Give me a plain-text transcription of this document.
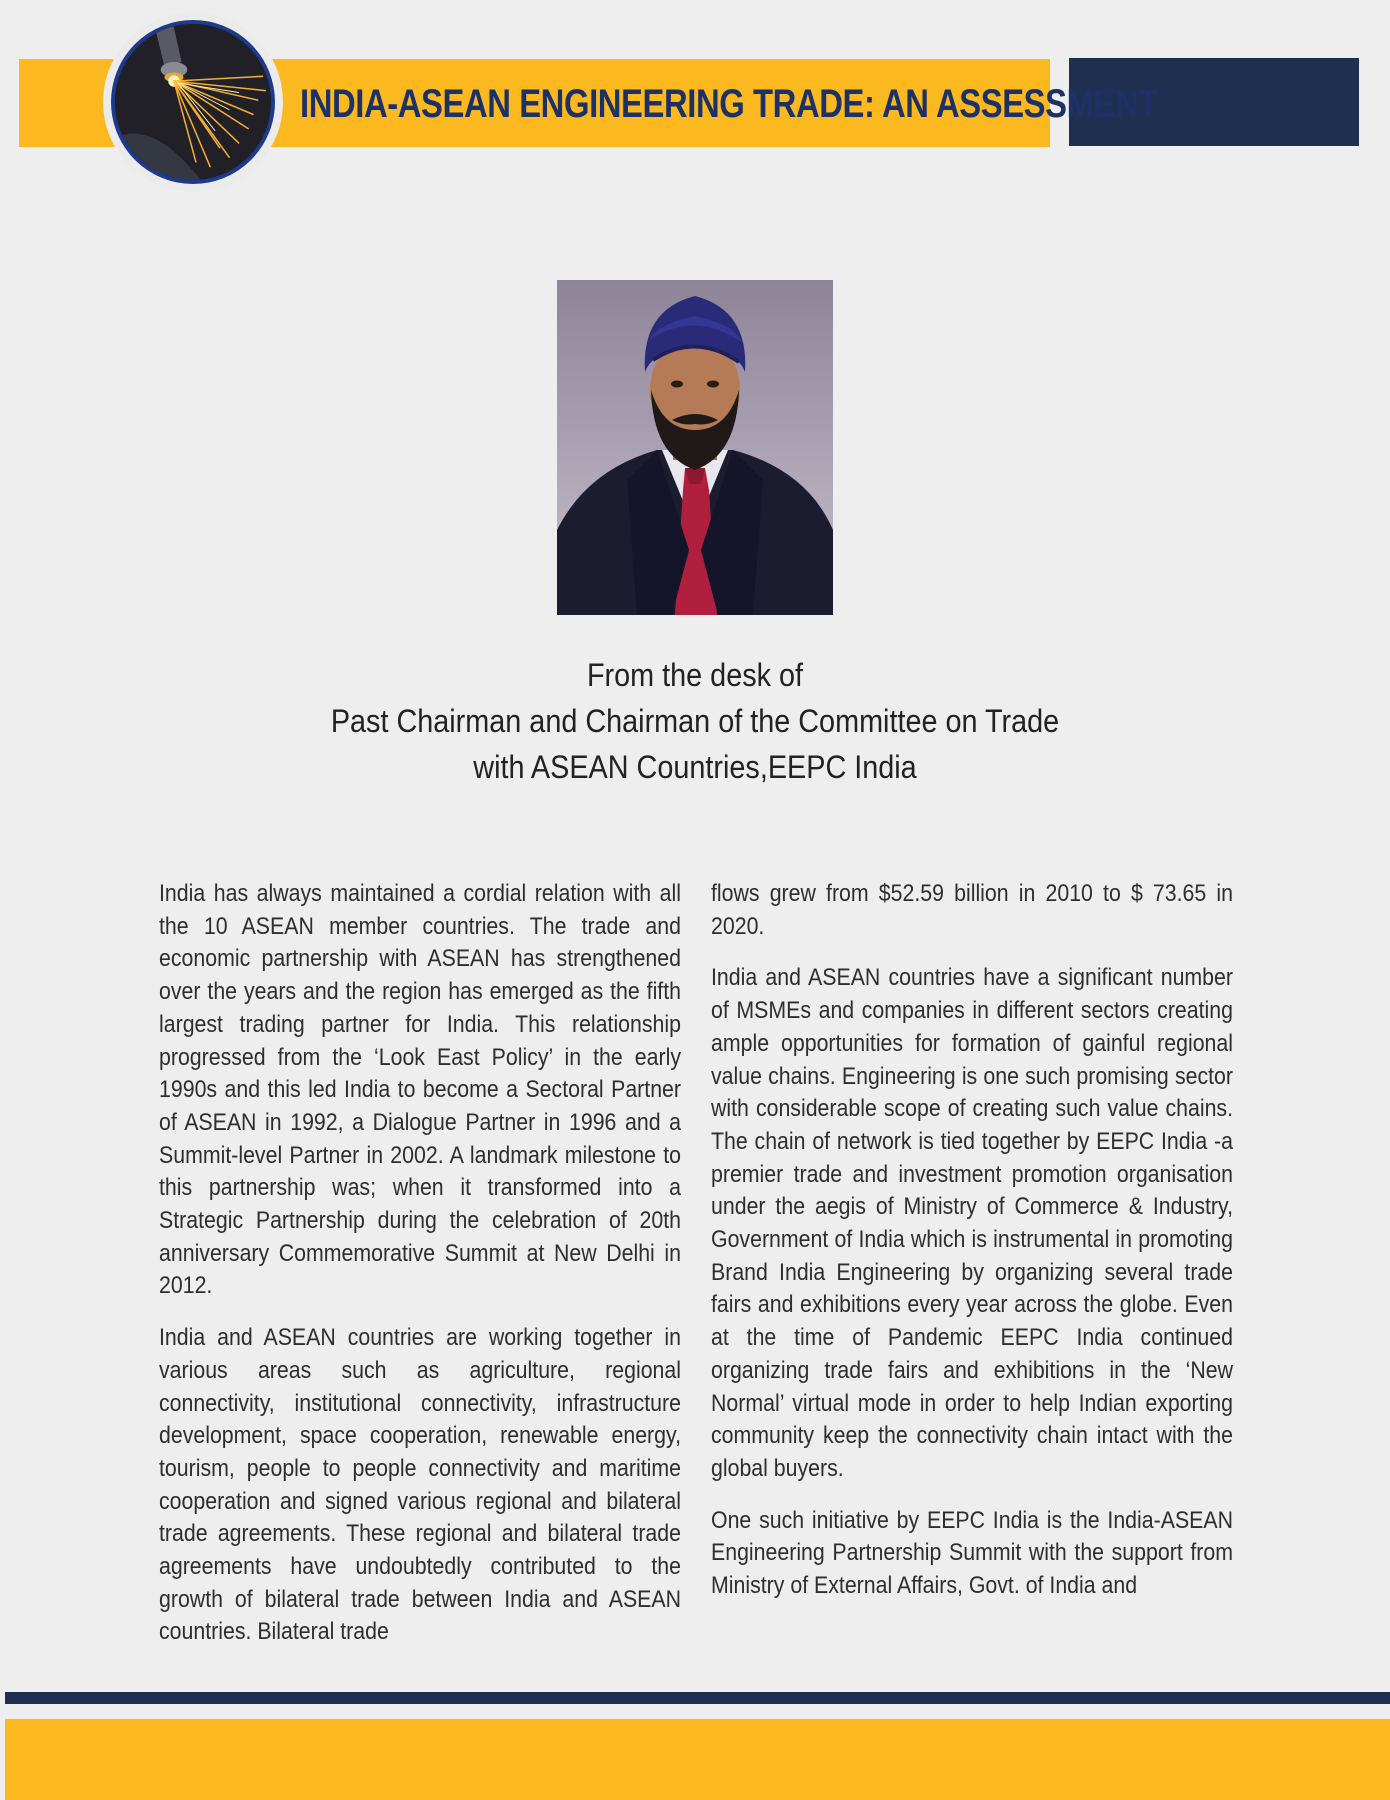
INDIA-ASEAN ENGINEERING TRADE: AN ASSESSMENT
From the desk of
Past Chairman and Chairman of the Committee on Trade
with ASEAN Countries,EEPC India

India has always maintained a cordial relation with all the 10 ASEAN member countries. The trade and economic partnership with ASEAN has strengthened over the years and the region has emerged as the fifth largest trading partner for India. This relationship progressed from the ‘Look East Policy’ in the early 1990s and this led India to become a Sectoral Partner of ASEAN in 1992, a Dialogue Partner in 1996 and a Summit-level Partner in 2002. A landmark milestone to this partnership was; when it transformed into a Strategic Partnership during the celebration of 20th anniversary Commemorative Summit at New Delhi in 2012.

India and ASEAN countries are working together in various areas such as agriculture, regional connectivity, institutional connectivity, infrastructure development, space cooperation, renewable energy, tourism, people to people connectivity and maritime cooperation and signed various regional and bilateral trade agreements. These regional and bilateral trade agreements have undoubtedly contributed to the growth of bilateral trade between India and ASEAN countries. Bilateral trade

flows grew from $52.59 billion in 2010 to $ 73.65 in 2020.

India and ASEAN countries have a significant number of MSMEs and companies in different sectors creating ample opportunities for formation of gainful regional value chains. Engineering is one such promising sector with considerable scope of creating such value chains. The chain of network is tied together by EEPC India -a premier trade and investment promotion organisation under the aegis of Ministry of Commerce & Industry, Government of India which is instrumental in promoting Brand India Engineering by organizing several trade fairs and exhibitions every year across the globe. Even at the time of Pandemic EEPC India continued organizing trade fairs and exhibitions in the ‘New Normal’ virtual mode in order to help Indian exporting community keep the connectivity chain intact with the global buyers.

One such initiative by EEPC India is the India-ASEAN Engineering Partnership Summit with the support from Ministry of External Affairs, Govt. of India and
